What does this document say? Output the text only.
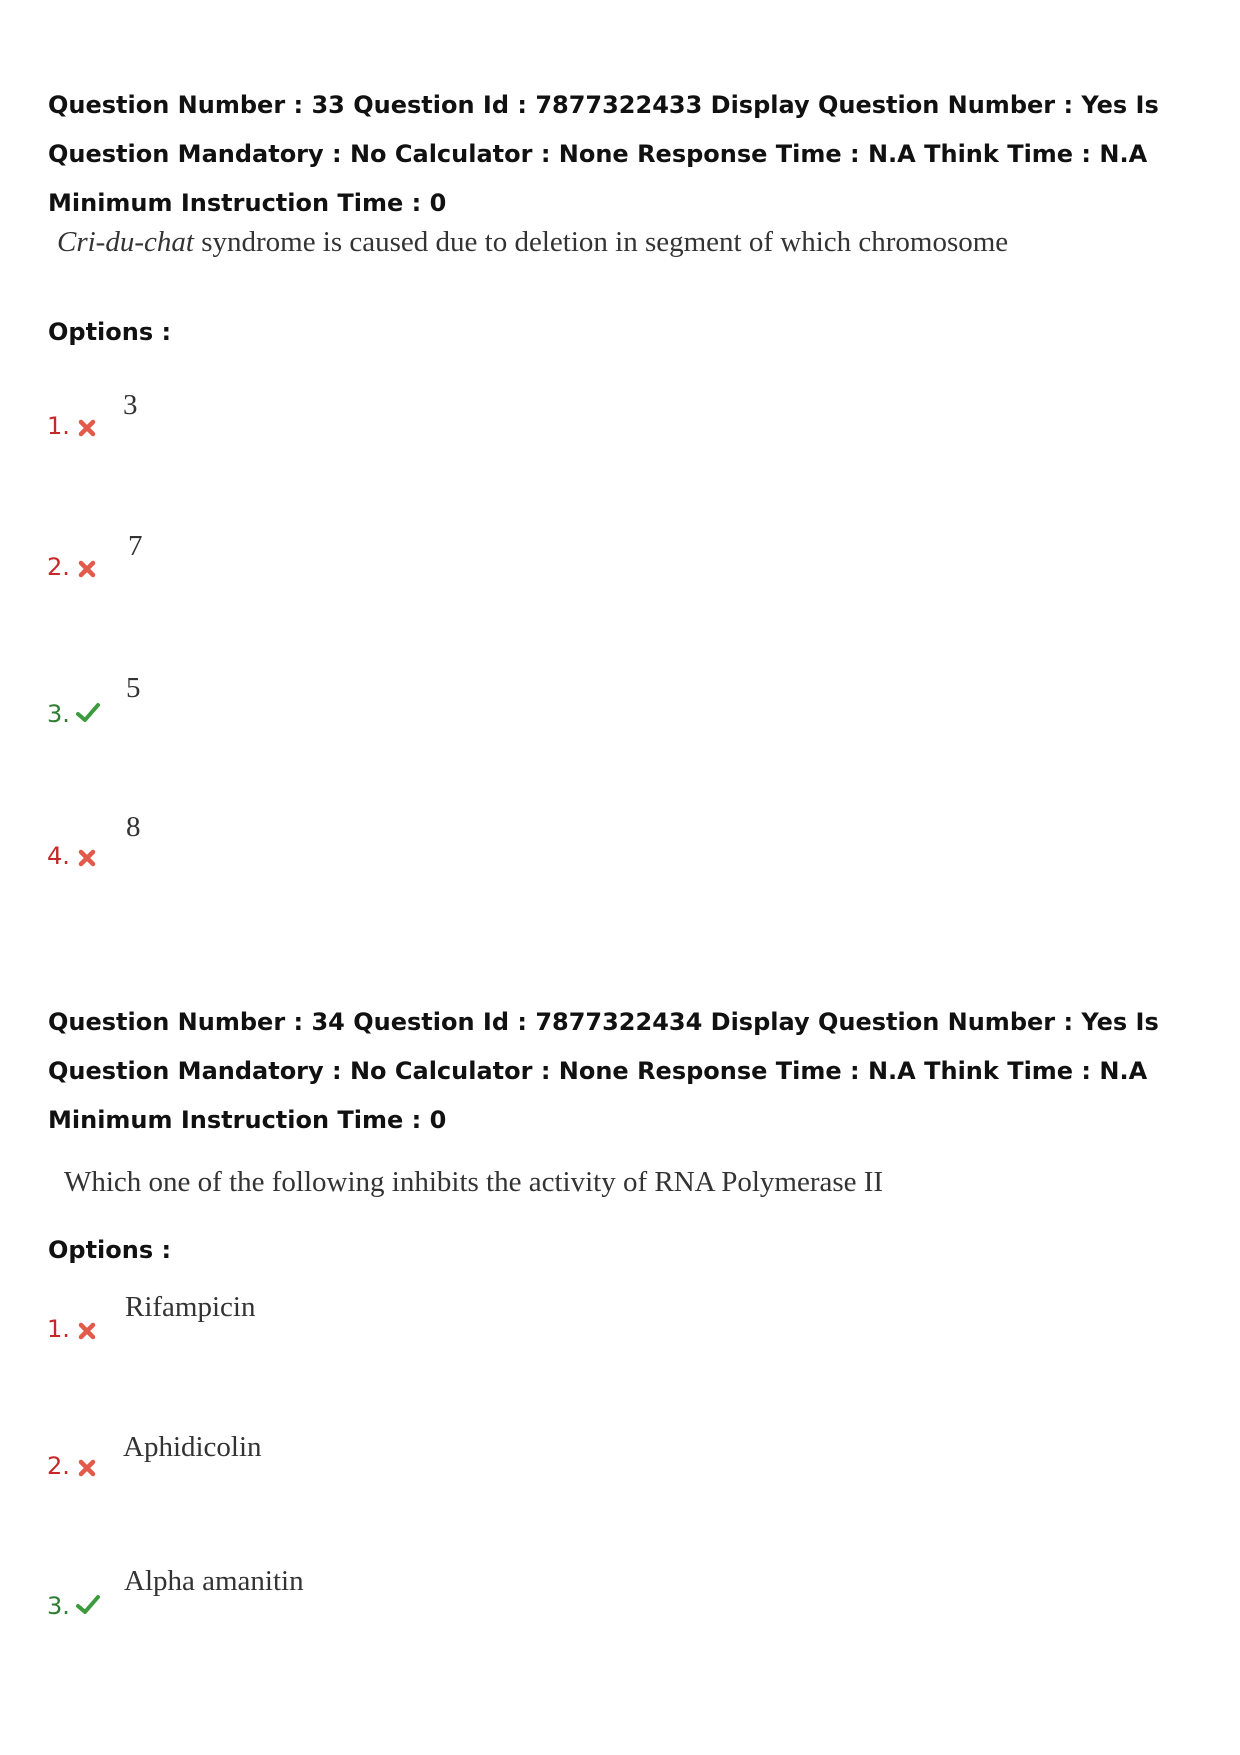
Question Number : 33 Question Id : 7877322433 Display Question Number : Yes Is Question Mandatory : No Calculator : None Response Time : N.A Think Time : N.A Minimum Instruction Time : 0

Cri-du-chat syndrome is caused due to deletion in segment of which chromosome

Options :

1.
3
2.
7
3.
5
4.
8

Question Number : 34 Question Id : 7877322434 Display Question Number : Yes Is Question Mandatory : No Calculator : None Response Time : N.A Think Time : N.A Minimum Instruction Time : 0

Which one of the following inhibits the activity of RNA Polymerase II

Options :

1.
Rifampicin
2.
Aphidicolin
3.
Alpha amanitin
